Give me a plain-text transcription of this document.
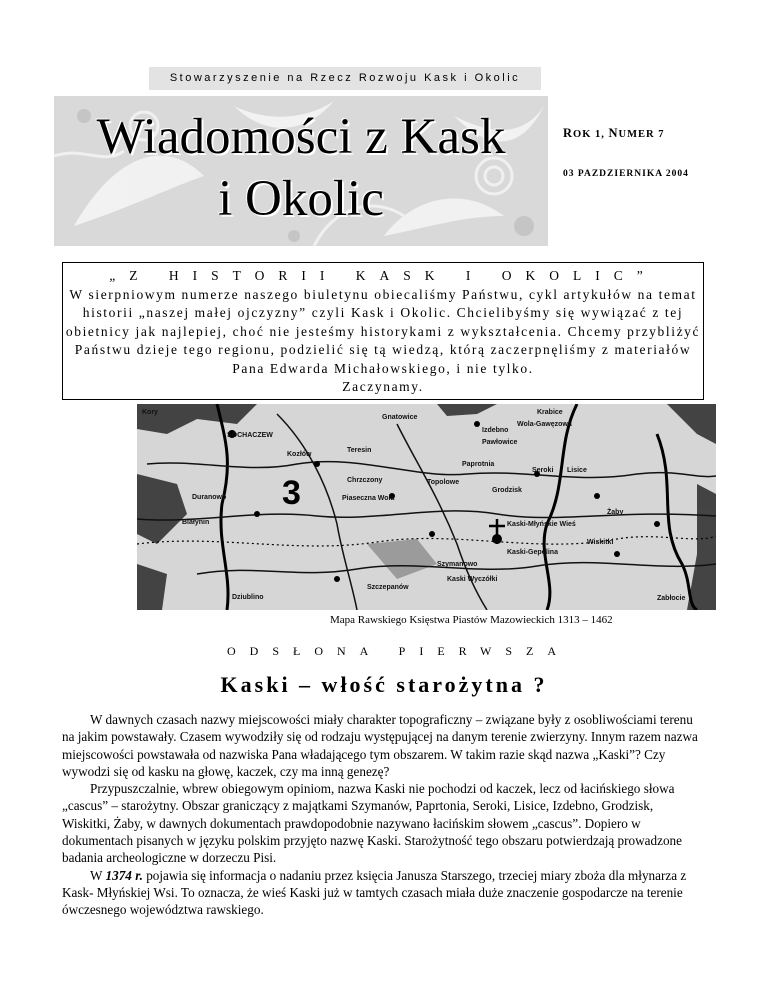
Stowarzyszenie na Rzecz Rozwoju Kask i Okolic
Wiadomości z Kask
i Okolic
ROK 1, NUMER 7
03 PAZDZIERNIKA 2004
„Z HISTORII KASK I OKOLIC”
W sierpniowym numerze naszego biuletynu obiecaliśmy Państwu, cykl artykułów na temat historii „naszej małej ojczyzny” czyli Kask i Okolic. Chcielibyśmy się wywiązać z tej obietnicy jak najlepiej, choć nie jesteśmy historykami z wykształcenia. Chcemy przybliżyć Państwu dzieje tego regionu, podzielić się tą wiedzą, którą zaczerpnęliśmy z materiałów Pana Edwarda Michałowskiego, i nie tylko.
Zaczynamy.
3
SOCHACZEW
Kaski-Młyńskie Wieś
Kaski-Gepolina
Kaski Wyczółki
Pawłowice
Izdebno
Białynin
Duranowo
Seroki Lisice
Zabłocie
Szymanowo
Teresin
Kozłów
Gnatowice
Grodzisk
Kory
Chrzczony	Topolowe
Paprotnia
Piaseczna Wola
Dziublino
Szczepanów
Krabice
Wola-Gawęzowa
Wiskitki
Żaby
Mapa Rawskiego Księstwa Piastów Mazowieckich 1313 – 1462
ODSŁONA PIERWSZA
Kaski – włość starożytna ?

W dawnych czasach nazwy miejscowości miały charakter topograficzny – związane były z osobliwościami terenu na jakim powstawały. Czasem wywodziły się od rodzaju występującej na danym terenie zwierzyny. Innym razem nazwa miejscowości powstawała od nazwiska Pana władającego tym obszarem. W takim razie skąd nazwa „Kaski”? Czy wywodzi się od kasku na głowę, kaczek, czy ma inną genezę?

Przypuszczalnie, wbrew obiegowym opiniom, nazwa Kaski nie pochodzi od kaczek, lecz od łacińskiego słowa „cascus” – starożytny. Obszar graniczący z majątkami Szymanów, Paprtonia, Seroki, Lisice, Izdebno, Grodzisk, Wiskitki, Żaby, w dawnych dokumentach prawdopodobnie nazywano łacińskim słowem „cascus”. Dopiero w dokumentach pisanych w języku polskim przyjęto nazwę Kaski. Starożytność tego obszaru potwierdzają prowadzone badania archeologiczne w dorzeczu Pisi.

W 1374 r. pojawia się informacja o nadaniu przez księcia Janusza Starszego, trzeciej miary zboża dla młynarza z Kask- Młyńskiej Wsi. To oznacza, że wieś Kaski już w tamtych czasach miała duże znaczenie gospodarcze na terenie ówczesnego województwa rawskiego.
